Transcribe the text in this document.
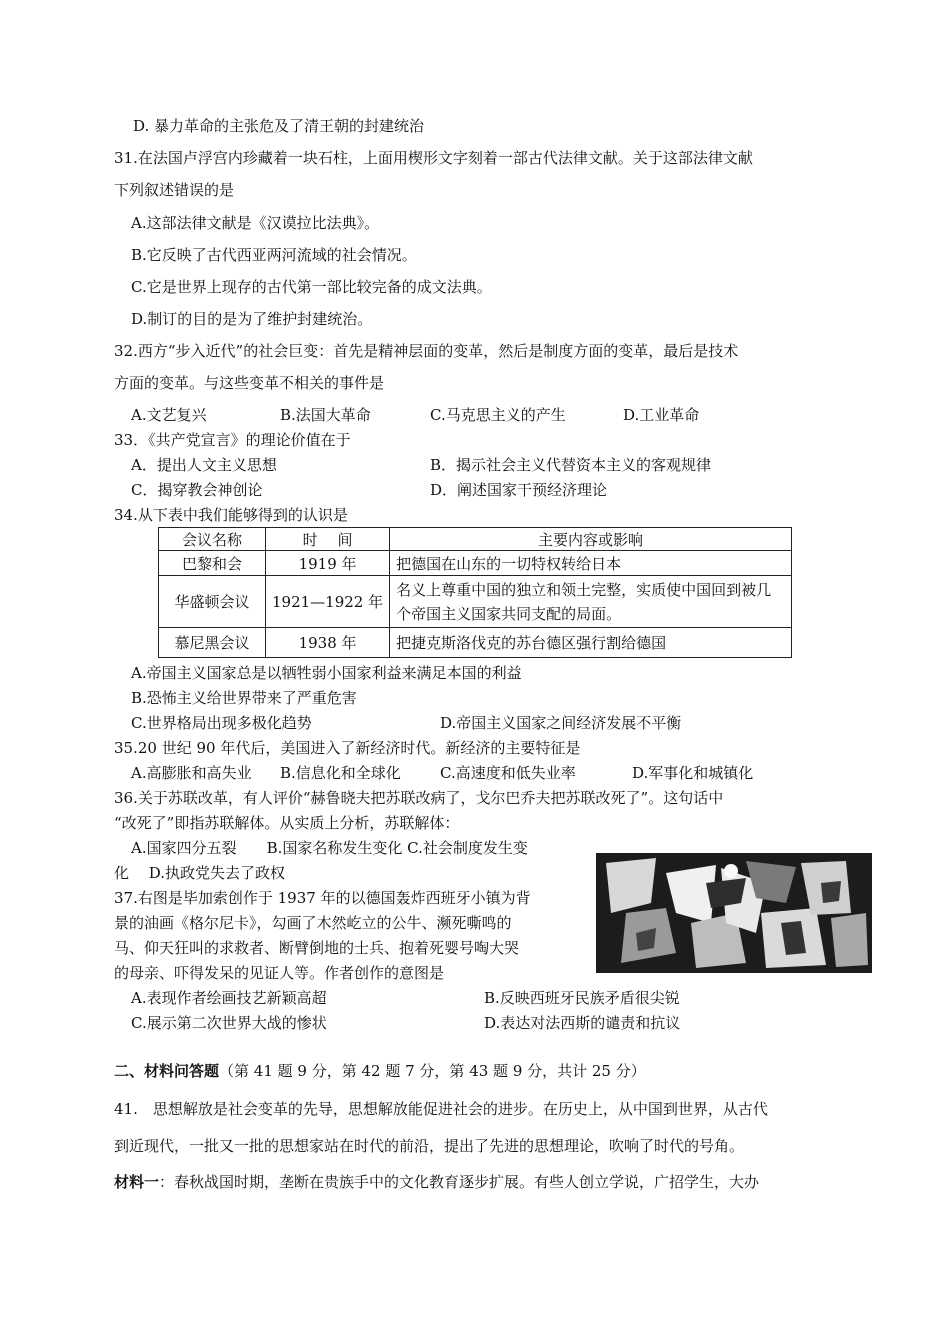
D. 暴力革命的主张危及了清王朝的封建统治
31.在法国卢浮宫内珍藏着一块石柱，上面用楔形文字刻着一部古代法律文献。关于这部法律文献
下列叙述错误的是
A.这部法律文献是《汉谟拉比法典》。
B.它反映了古代西亚两河流域的社会情况。
C.它是世界上现存的古代第一部比较完备的成文法典。
D.制订的目的是为了维护封建统治。
32.西方“步入近代”的社会巨变：首先是精神层面的变革，然后是制度方面的变革，最后是技术
方面的变革。与这些变革不相关的事件是
A.文艺复兴	B.法国大革命	C.马克思主义的产生	D.工业革命
33．《共产党宣言》的理论价值在于
A．提出人文主义思想	B．揭示社会主义代替资本主义的客观规律
C．揭穿教会神创论	D．阐述国家干预经济理论
34.从下表中我们能够得到的认识是
会议名称	时　 间	主要内容或影响
巴黎和会	1919 年	把德国在山东的一切特权转给日本
华盛顿会议	1921—1922 年	名义上尊重中国的独立和领土完整，实质使中国回到被几个帝国主义国家共同支配的局面。
慕尼黑会议	1938 年	把捷克斯洛伐克的苏台德区强行割给德国
A.帝国主义国家总是以牺牲弱小国家利益来满足本国的利益
B.恐怖主义给世界带来了严重危害
C.世界格局出现多极化趋势	D.帝国主义国家之间经济发展不平衡
35.20 世纪 90 年代后，美国进入了新经济时代。新经济的主要特征是
A.高膨胀和高失业 B.信息化和全球化	C.高速度和低失业率	D.军事化和城镇化
36.关于苏联改革，有人评价“赫鲁晓夫把苏联改病了，戈尔巴乔夫把苏联改死了”。这句话中
“改死了”即指苏联解体。从实质上分析，苏联解体：
A.国家四分五裂　　B.国家名称发生变化 C.社会制度发生变
化　 D.执政党失去了政权
37.右图是毕加索创作于 1937 年的以德国轰炸西班牙小镇为背
景的油画《格尔尼卡》，勾画了木然屹立的公牛、濒死嘶鸣的
马、仰天狂叫的求救者、断臂倒地的士兵、抱着死婴号啕大哭
的母亲、吓得发呆的见证人等。作者创作的意图是
A.表现作者绘画技艺新颖高超	B.反映西班牙民族矛盾很尖锐
C.展示第二次世界大战的惨状	D.表达对法西斯的谴责和抗议
二、材料问答题（第 41 题 9 分，第 42 题 7 分，第 43 题 9 分，共计 25 分）
41.　思想解放是社会变革的先导，思想解放能促进社会的进步。在历史上，从中国到世界，从古代
到近现代，一批又一批的思想家站在时代的前沿，提出了先进的思想理论，吹响了时代的号角。
材料一：春秋战国时期，垄断在贵族手中的文化教育逐步扩展。有些人创立学说，广招学生，大办
